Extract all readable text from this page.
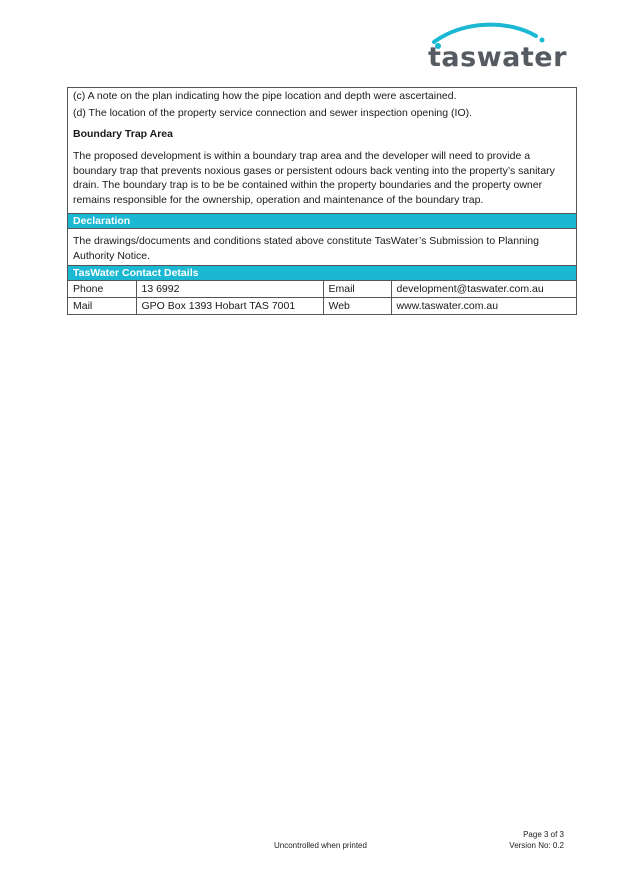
taswater
(c) A note on the plan indicating how the pipe location and depth were ascertained.
(d) The location of the property service connection and sewer inspection opening (IO).
Boundary Trap Area
The proposed development is within a boundary trap area and the developer will need to provide a
boundary trap that prevents noxious gases or persistent odours back venting into the property’s sanitary
drain. The boundary trap is to be be contained within the property boundaries and the property owner
remains responsible for the ownership, operation and maintenance of the boundary trap.
Declaration
The drawings/documents and conditions stated above constitute TasWater’s Submission to Planning
Authority Notice.
TasWater Contact Details
Phone	13 6992	Email	development@taswater.com.au
Mail	GPO Box 1393 Hobart TAS 7001	Web	www.taswater.com.au
Uncontrolled when printed
Page 3 of 3
Version No: 0.2
